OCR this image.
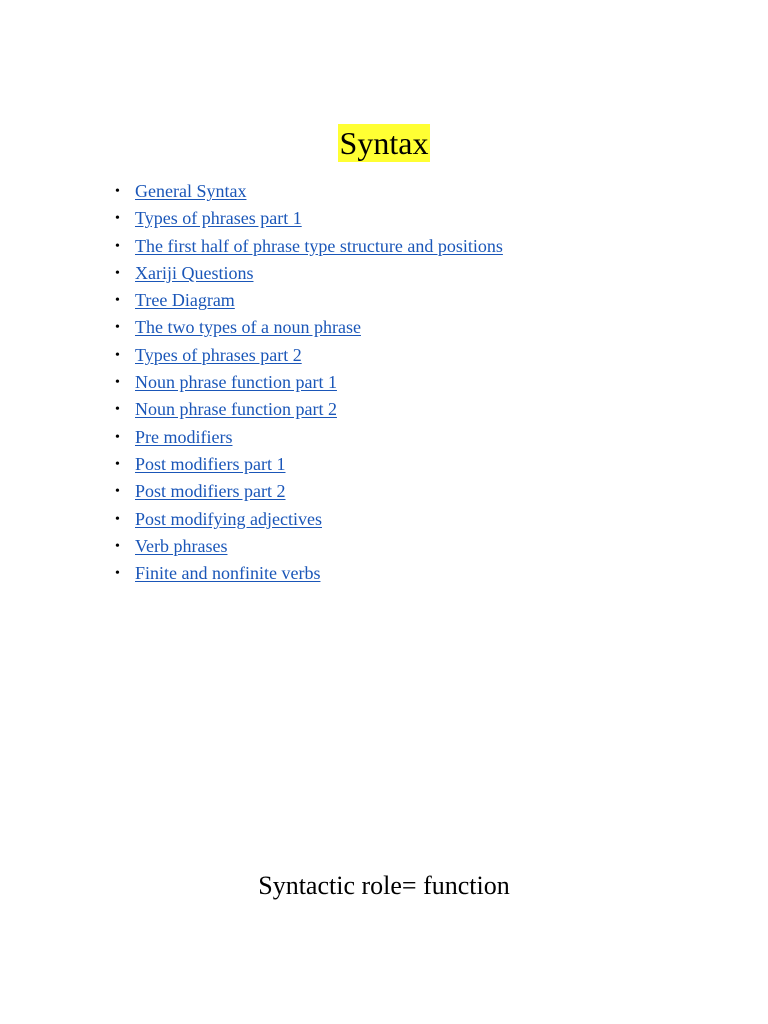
Syntax
• General Syntax
• Types of phrases part 1
• The first half of phrase type structure and positions
• Xariji Questions
• Tree Diagram
• The two types of a noun phrase
• Types of phrases part 2
• Noun phrase function part 1
• Noun phrase function part 2
• Pre modifiers
• Post modifiers part 1
• Post modifiers part 2
• Post modifying adjectives
• Verb phrases
• Finite and nonfinite verbs
Syntactic role= function
